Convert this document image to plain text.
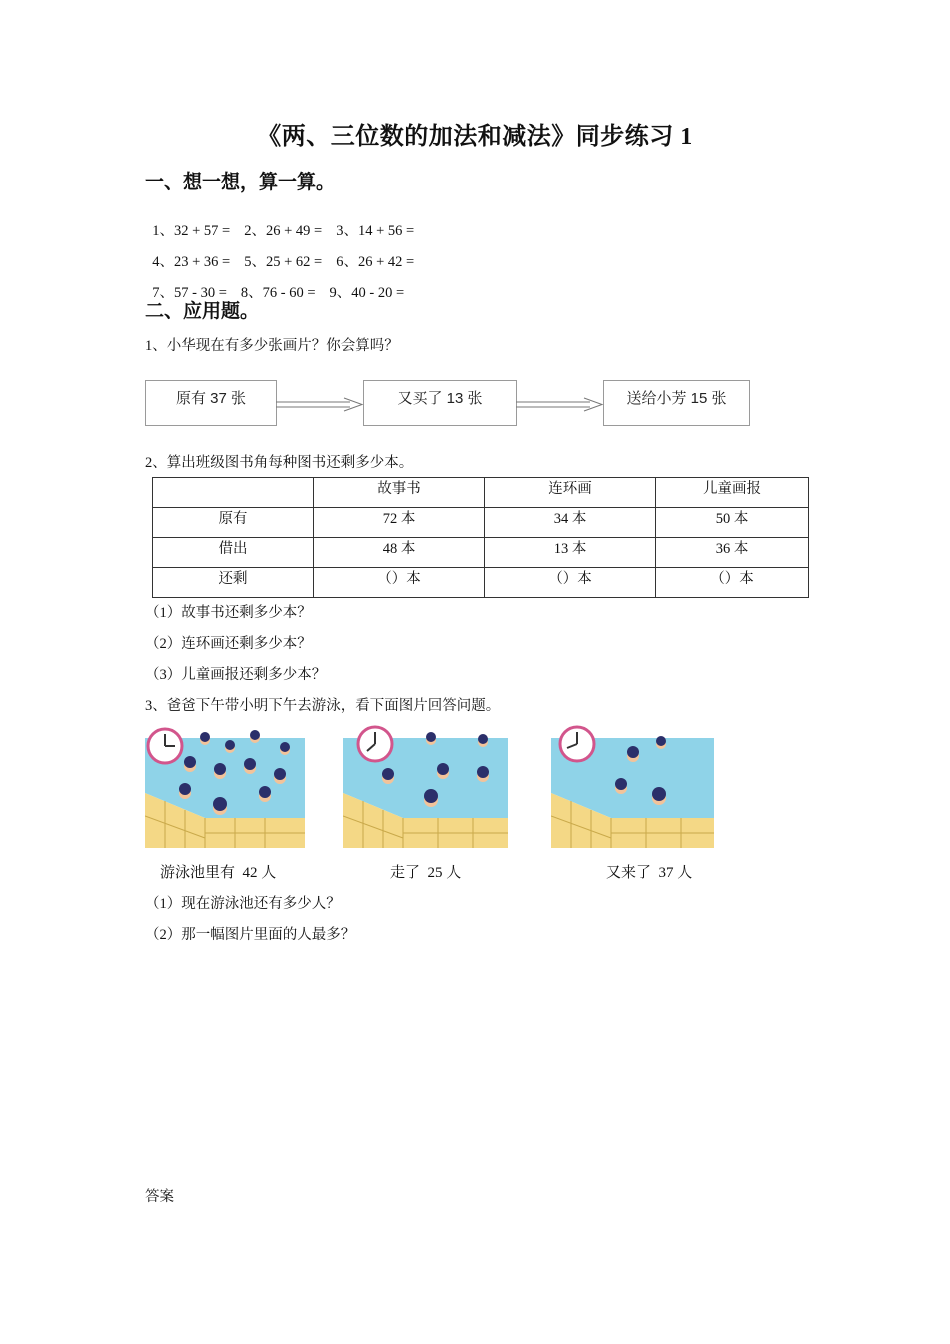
《两、三位数的加法和减法》同步练习 1
一、想一想，算一算。

1、32 + 57 = 2、26 + 49 = 3、14 + 56 =

4、23 + 36 = 5、25 + 62 = 6、26 + 42 =

7、57 - 30 = 8、76 - 60 = 9、40 - 20 =

二、应用题。
1、小华现在有多少张画片？你会算吗？
原有 37 张	又买了 13 张	送给小芳 15 张
2、算出班级图书角每种图书还剩多少本。
	故事书	连环画	儿童画报
原有	72 本	34 本	50 本
借出	48 本	13 本	36 本
还剩	（）本	（）本	（）本
（1）故事书还剩多少本？
（2）连环画还剩多少本？
（3）儿童画报还剩多少本？
3、爸爸下午带小明下午去游泳，看下面图片回答问题。
游泳池里有  42 人	走了  25 人	又来了  37 人
（1）现在游泳池还有多少人？
（2）那一幅图片里面的人最多？
答案
